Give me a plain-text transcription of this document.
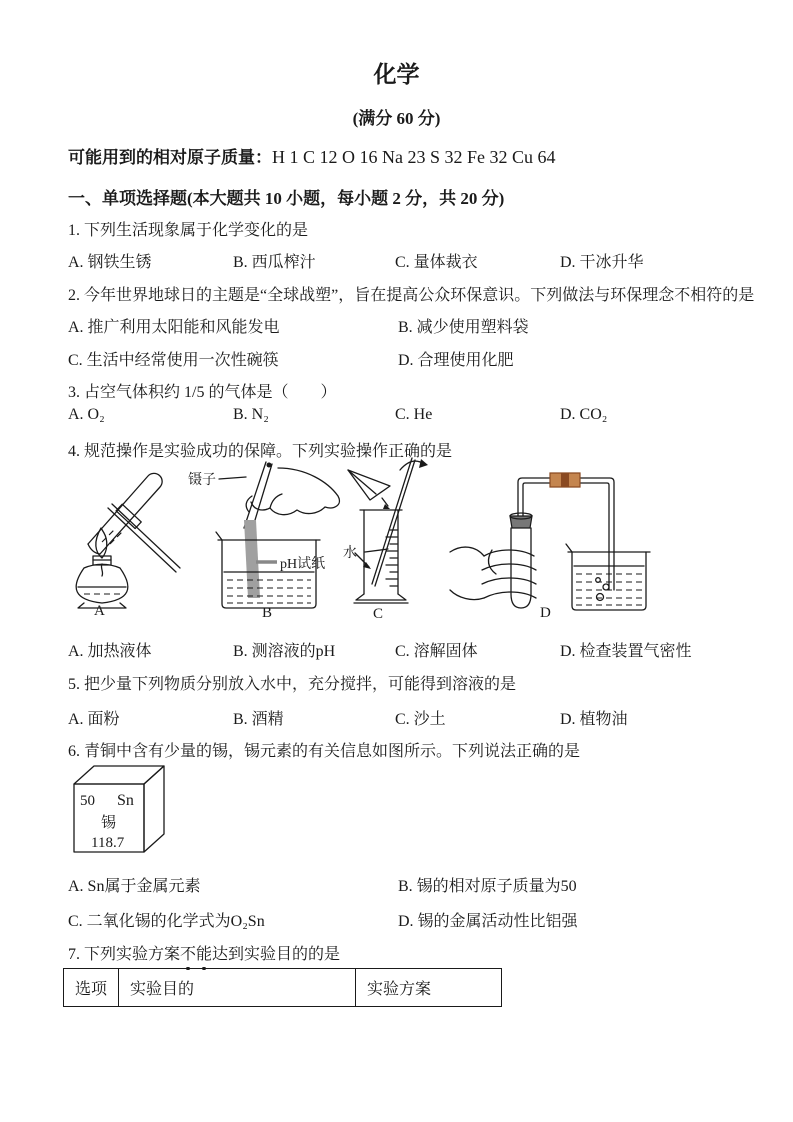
化学
(满分 60 分)
可能用到的相对原子质量：H 1 C 12 O 16 Na 23 S 32 Fe 32 Cu 64
一、单项选择题(本大题共 10 小题，每小题 2 分，共 20 分)
1. 下列生活现象属于化学变化的是
A. 钢铁生锈	B. 西瓜榨汁	C. 量体裁衣	D. 干冰升华
2. 今年世界地球日的主题是“全球战塑”，旨在提高公众环保意识。下列做法与环保理念不相符的是
A. 推广利用太阳能和风能发电	B. 减少使用塑料袋
C. 生活中经常使用一次性碗筷	D. 合理使用化肥
3. 占空气体积约 1/5 的气体是（　　）
A. O₂	B. N₂	C. He	D. CO₂
4. 规范操作是实验成功的保障。下列实验操作正确的是
A
镊子
pH试纸
B
水
C	D
A. 加热液体	B. 测溶液的pH	C. 溶解固体	D. 检查装置气密性
5. 把少量下列物质分别放入水中，充分搅拌，可能得到溶液的是
A. 面粉	B. 酒精	C. 沙土	D. 植物油
6. 青铜中含有少量的锡，锡元素的有关信息如图所示。下列说法正确的是
50 Sn
锡
118.7
A. Sn属于金属元素	B. 锡的相对原子质量为50
C. 二氧化锡的化学式为O₂Sn	D. 锡的金属活动性比铝强
7. 下列实验方案不能达到实验目的的是
选项	实验目的	实验方案
